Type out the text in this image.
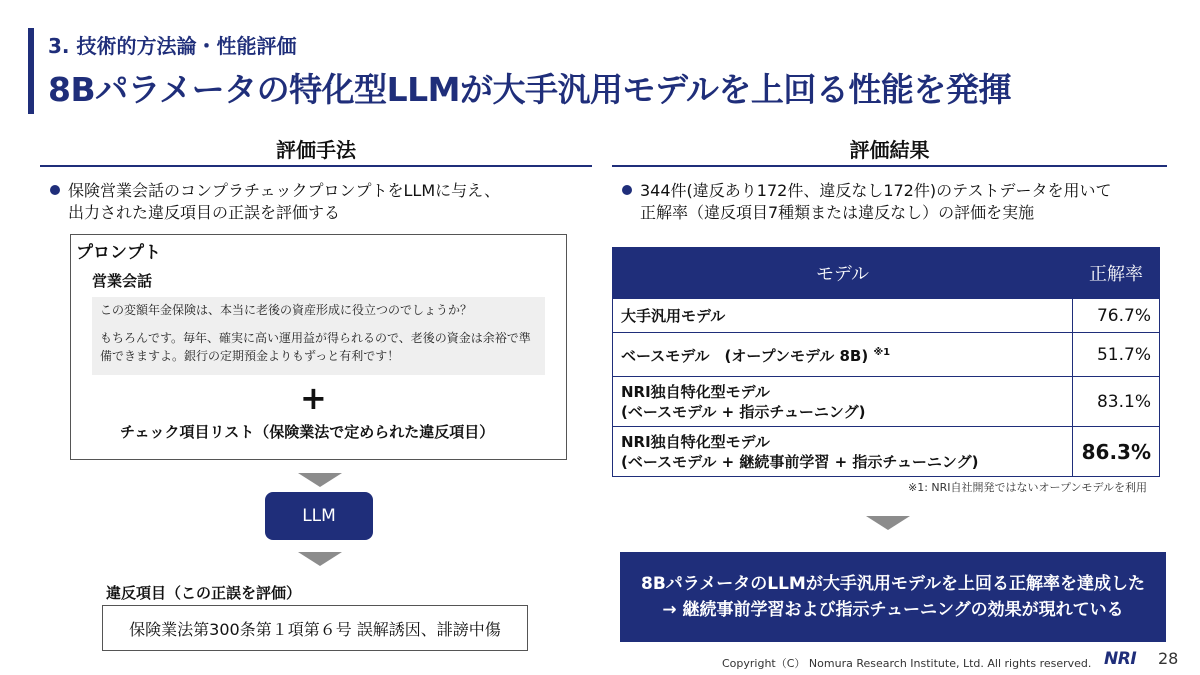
3. 技術的方法論・性能評価
8Bパラメータの特化型LLMが大手汎用モデルを上回る性能を発揮
評価手法
保険営業会話のコンプラチェックプロンプトをLLMに与え、
出力された違反項目の正誤を評価する
プロンプト
営業会話

この変額年金保険は、本当に老後の資産形成に役立つのでしょうか？

もちろんです。毎年、確実に高い運用益が得られるので、老後の資金は余裕で準備できますよ。銀行の定期預金よりもずっと有利です！

+
チェック項目リスト（保険業法で定められた違反項目）
LLM
違反項目（この正誤を評価）
保険業法第300条第１項第６号 誤解誘因、誹謗中傷
評価結果
344件(違反あり172件、違反なし172件)のテストデータを用いて
正解率（違反項目7種類または違反なし）の評価を実施
モデル	正解率
大手汎用モデル	76.7%
ベースモデル　(オープンモデル 8B) $^{※1}$	51.7%

NRI独自特化型モデル
(ベースモデル + 指示チューニング)	83.1%

NRI独自特化型モデル
(ベースモデル + 継続事前学習 + 指示チューニング)	86.3%
※1: NRI自社開発ではないオープンモデルを利用
8BパラメータのLLMが大手汎用モデルを上回る正解率を達成した
→ 継続事前学習および指示チューニングの効果が現れている
Copyright（C） Nomura Research Institute, Ltd. All rights reserved. NRI 28
